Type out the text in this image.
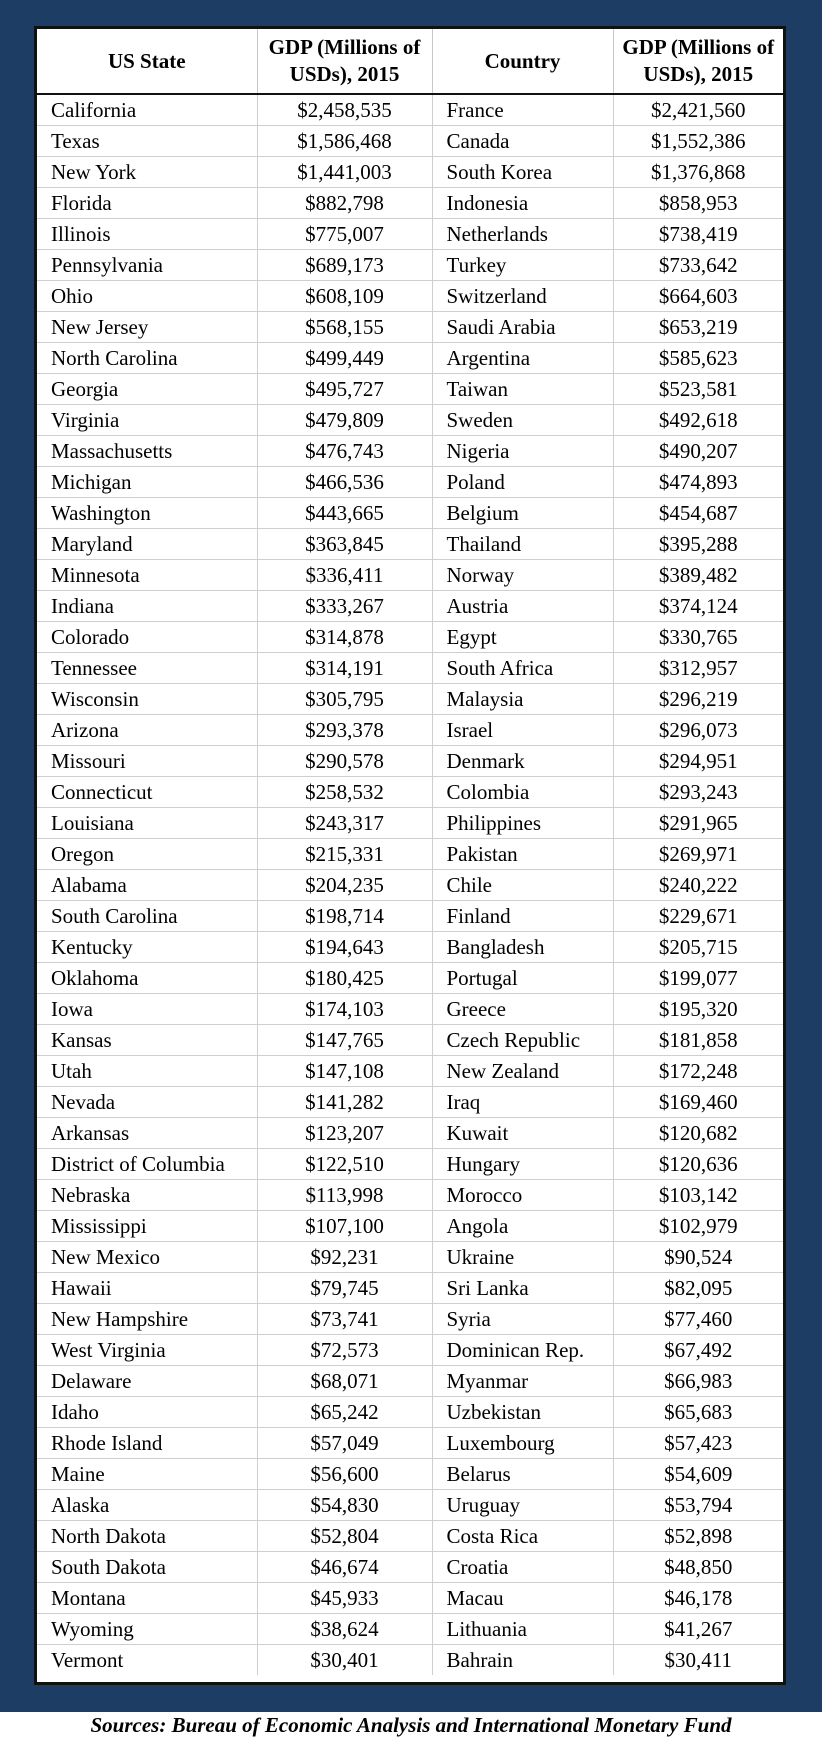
US State	GDP (Millions of USDs), 2015	Country	GDP (Millions of USDs), 2015
California	$2,458,535	France	$2,421,560
Texas	$1,586,468	Canada	$1,552,386
New York	$1,441,003	South Korea	$1,376,868
Florida	$882,798	Indonesia	$858,953
Illinois	$775,007	Netherlands	$738,419
Pennsylvania	$689,173	Turkey	$733,642
Ohio	$608,109	Switzerland	$664,603
New Jersey	$568,155	Saudi Arabia	$653,219
North Carolina	$499,449	Argentina	$585,623
Georgia	$495,727	Taiwan	$523,581
Virginia	$479,809	Sweden	$492,618
Massachusetts	$476,743	Nigeria	$490,207
Michigan	$466,536	Poland	$474,893
Washington	$443,665	Belgium	$454,687
Maryland	$363,845	Thailand	$395,288
Minnesota	$336,411	Norway	$389,482
Indiana	$333,267	Austria	$374,124
Colorado	$314,878	Egypt	$330,765
Tennessee	$314,191	South Africa	$312,957
Wisconsin	$305,795	Malaysia	$296,219
Arizona	$293,378	Israel	$296,073
Missouri	$290,578	Denmark	$294,951
Connecticut	$258,532	Colombia	$293,243
Louisiana	$243,317	Philippines	$291,965
Oregon	$215,331	Pakistan	$269,971
Alabama	$204,235	Chile	$240,222
South Carolina	$198,714	Finland	$229,671
Kentucky	$194,643	Bangladesh	$205,715
Oklahoma	$180,425	Portugal	$199,077
Iowa	$174,103	Greece	$195,320
Kansas	$147,765	Czech Republic	$181,858
Utah	$147,108	New Zealand	$172,248
Nevada	$141,282	Iraq	$169,460
Arkansas	$123,207	Kuwait	$120,682
District of Columbia	$122,510	Hungary	$120,636
Nebraska	$113,998	Morocco	$103,142
Mississippi	$107,100	Angola	$102,979
New Mexico	$92,231	Ukraine	$90,524
Hawaii	$79,745	Sri Lanka	$82,095
New Hampshire	$73,741	Syria	$77,460
West Virginia	$72,573	Dominican Rep.	$67,492
Delaware	$68,071	Myanmar	$66,983
Idaho	$65,242	Uzbekistan	$65,683
Rhode Island	$57,049	Luxembourg	$57,423
Maine	$56,600	Belarus	$54,609
Alaska	$54,830	Uruguay	$53,794
North Dakota	$52,804	Costa Rica	$52,898
South Dakota	$46,674	Croatia	$48,850
Montana	$45,933	Macau	$46,178
Wyoming	$38,624	Lithuania	$41,267
Vermont	$30,401	Bahrain	$30,411
Sources: Bureau of Economic Analysis and International Monetary Fund
